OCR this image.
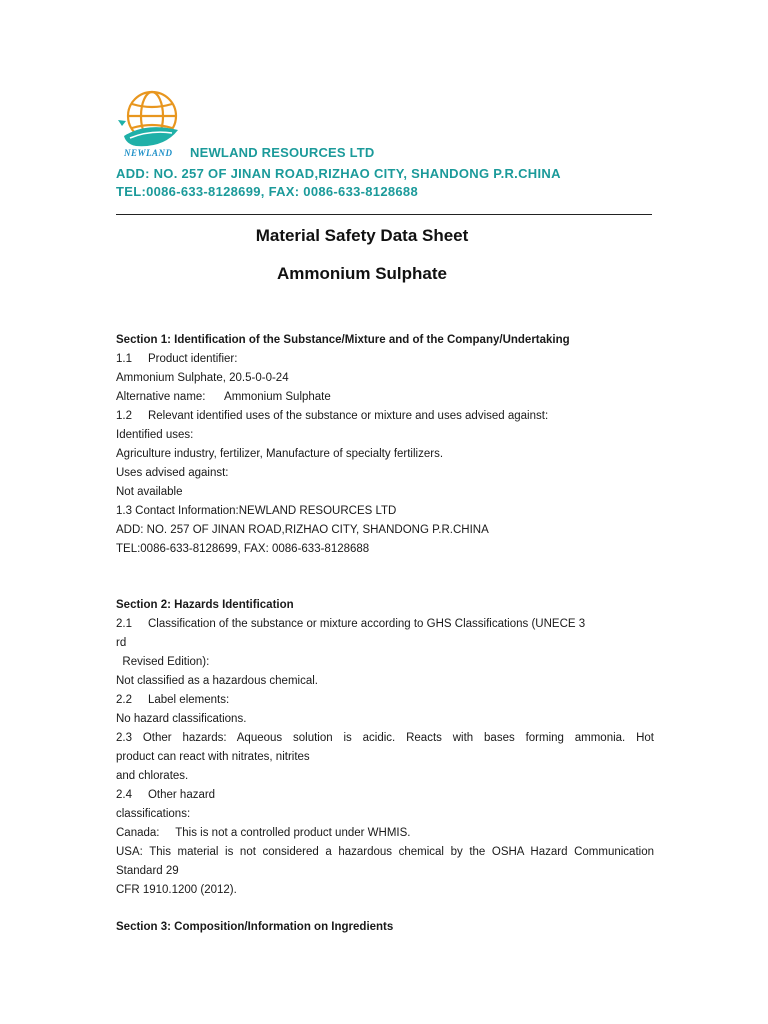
NEWLAND NEWLAND RESOURCES LTD
ADD: NO. 257 OF JINAN ROAD,RIZHAO CITY, SHANDONG P.R.CHINA
TEL:0086-633-8128699, FAX: 0086-633-8128688
Material Safety Data Sheet
Ammonium Sulphate
Section 1: Identification of the Substance/Mixture and of the Company/Undertaking
1.1     Product identifier:
Ammonium Sulphate, 20.5-0-0-24
Alternative name:      Ammonium Sulphate
1.2     Relevant identified uses of the substance or mixture and uses advised against:
Identified uses:
Agriculture industry, fertilizer, Manufacture of specialty fertilizers.
Uses advised against:
Not available
1.3 Contact Information:NEWLAND RESOURCES LTD
ADD: NO. 257 OF JINAN ROAD,RIZHAO CITY, SHANDONG P.R.CHINA
TEL:0086-633-8128699, FAX: 0086-633-8128688
Section 2: Hazards Identification
2.1     Classification of the substance or mixture according to GHS Classifications (UNECE 3
rd
Revised Edition):
Not classified as a hazardous chemical.
2.2     Label elements:
No hazard classifications.
2.3 Other hazards: Aqueous solution is acidic. Reacts with bases forming ammonia. Hot
product can react with nitrates, nitrites
and chlorates.
2.4     Other hazard
classifications:
Canada:     This is not a controlled product under WHMIS.
USA: This material is not considered a hazardous chemical by the OSHA Hazard Communication
Standard 29
CFR 1910.1200 (2012).
Section 3: Composition/Information on Ingredients
